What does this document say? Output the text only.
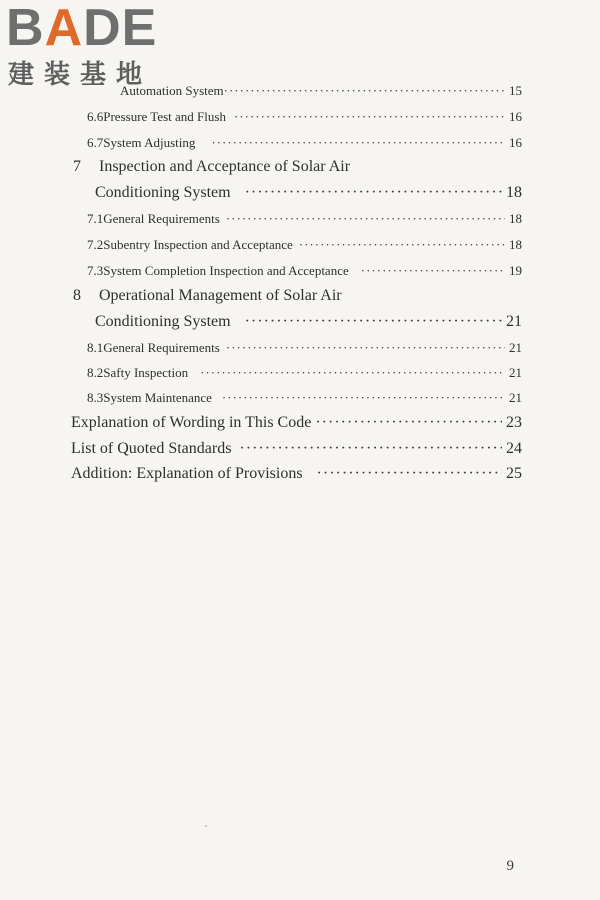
BADE
建装基地
Automation System ·····	15
6.6 Pressure Test and Flush ·····	16
6.7 System Adjusting ·····	16
7 Inspection and Acceptance of Solar Air
Conditioning System ·····	18
7.1 General Requirements ·····	18
7.2 Subentry Inspection and Acceptance ·····	18
7.3 System Completion Inspection and Acceptance ·····	19
8 Operational Management of Solar Air
Conditioning System ·····	21
8.1 General Requirements ·····	21
8.2 Safty Inspection ·····	21
8.3 System Maintenance ·····	21
Explanation of Wording in This Code ·····	23
List of Quoted Standards ·····	24
Addition: Explanation of Provisions ·····	25
9
